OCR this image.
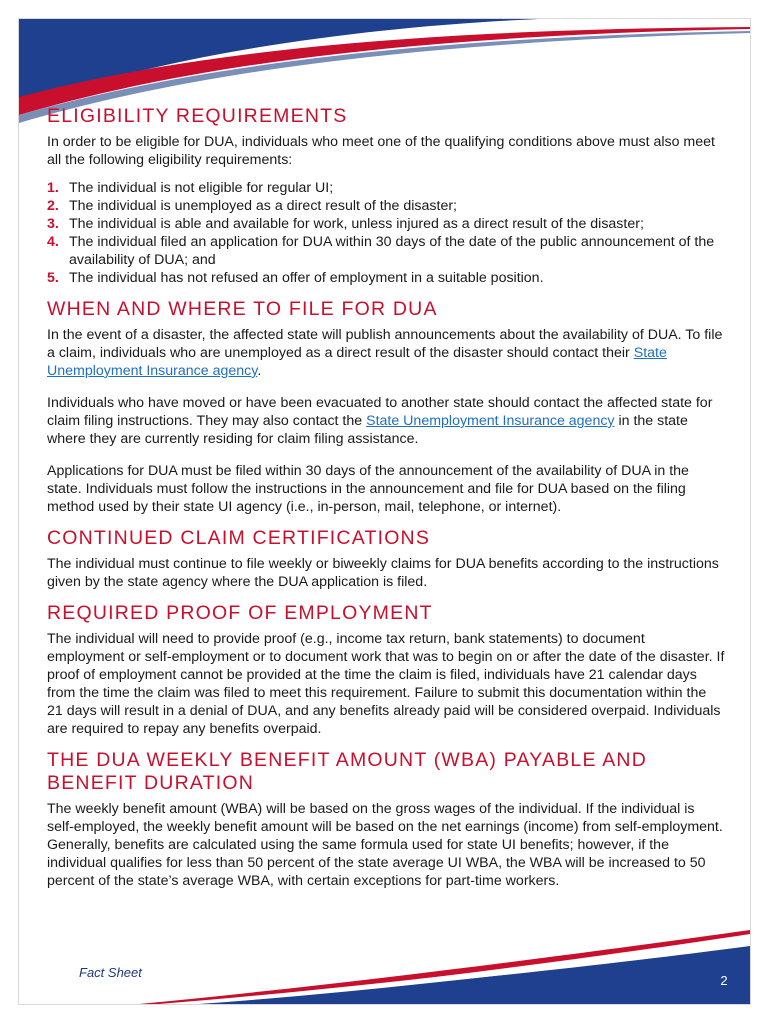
ELIGIBILITY REQUIREMENTS

In order to be eligible for DUA, individuals who meet one of the qualifying conditions above must also meet all the following eligibility requirements:

1. The individual is not eligible for regular UI;
2. The individual is unemployed as a direct result of the disaster;
3. The individual is able and available for work, unless injured as a direct result of the disaster;
4. The individual filed an application for DUA within 30 days of the date of the public announcement of the availability of DUA; and
5. The individual has not refused an offer of employment in a suitable position.
WHEN AND WHERE TO FILE FOR DUA

In the event of a disaster, the affected state will publish announcements about the availability of DUA. To file a claim, individuals who are unemployed as a direct result of the disaster should contact their State Unemployment Insurance agency.

Individuals who have moved or have been evacuated to another state should contact the affected state for claim filing instructions. They may also contact the State Unemployment Insurance agency in the state where they are currently residing for claim filing assistance.

Applications for DUA must be filed within 30 days of the announcement of the availability of DUA in the state. Individuals must follow the instructions in the announcement and file for DUA based on the filing method used by their state UI agency (i.e., in-person, mail, telephone, or internet).

CONTINUED CLAIM CERTIFICATIONS

The individual must continue to file weekly or biweekly claims for DUA benefits according to the instructions given by the state agency where the DUA application is filed.

REQUIRED PROOF OF EMPLOYMENT

The individual will need to provide proof (e.g., income tax return, bank statements) to document employment or self-employment or to document work that was to begin on or after the date of the disaster. If proof of employment cannot be provided at the time the claim is filed, individuals have 21 calendar days from the time the claim was filed to meet this requirement. Failure to submit this documentation within the 21 days will result in a denial of DUA, and any benefits already paid will be considered overpaid. Individuals are required to repay any benefits overpaid.

THE DUA WEEKLY BENEFIT AMOUNT (WBA) PAYABLE AND BENEFIT DURATION

The weekly benefit amount (WBA) will be based on the gross wages of the individual. If the individual is self-employed, the weekly benefit amount will be based on the net earnings (income) from self-employment. Generally, benefits are calculated using the same formula used for state UI benefits; however, if the individual qualifies for less than 50 percent of the state average UI WBA, the WBA will be increased to 50 percent of the state’s average WBA, with certain exceptions for part-time workers.

Fact Sheet	2
